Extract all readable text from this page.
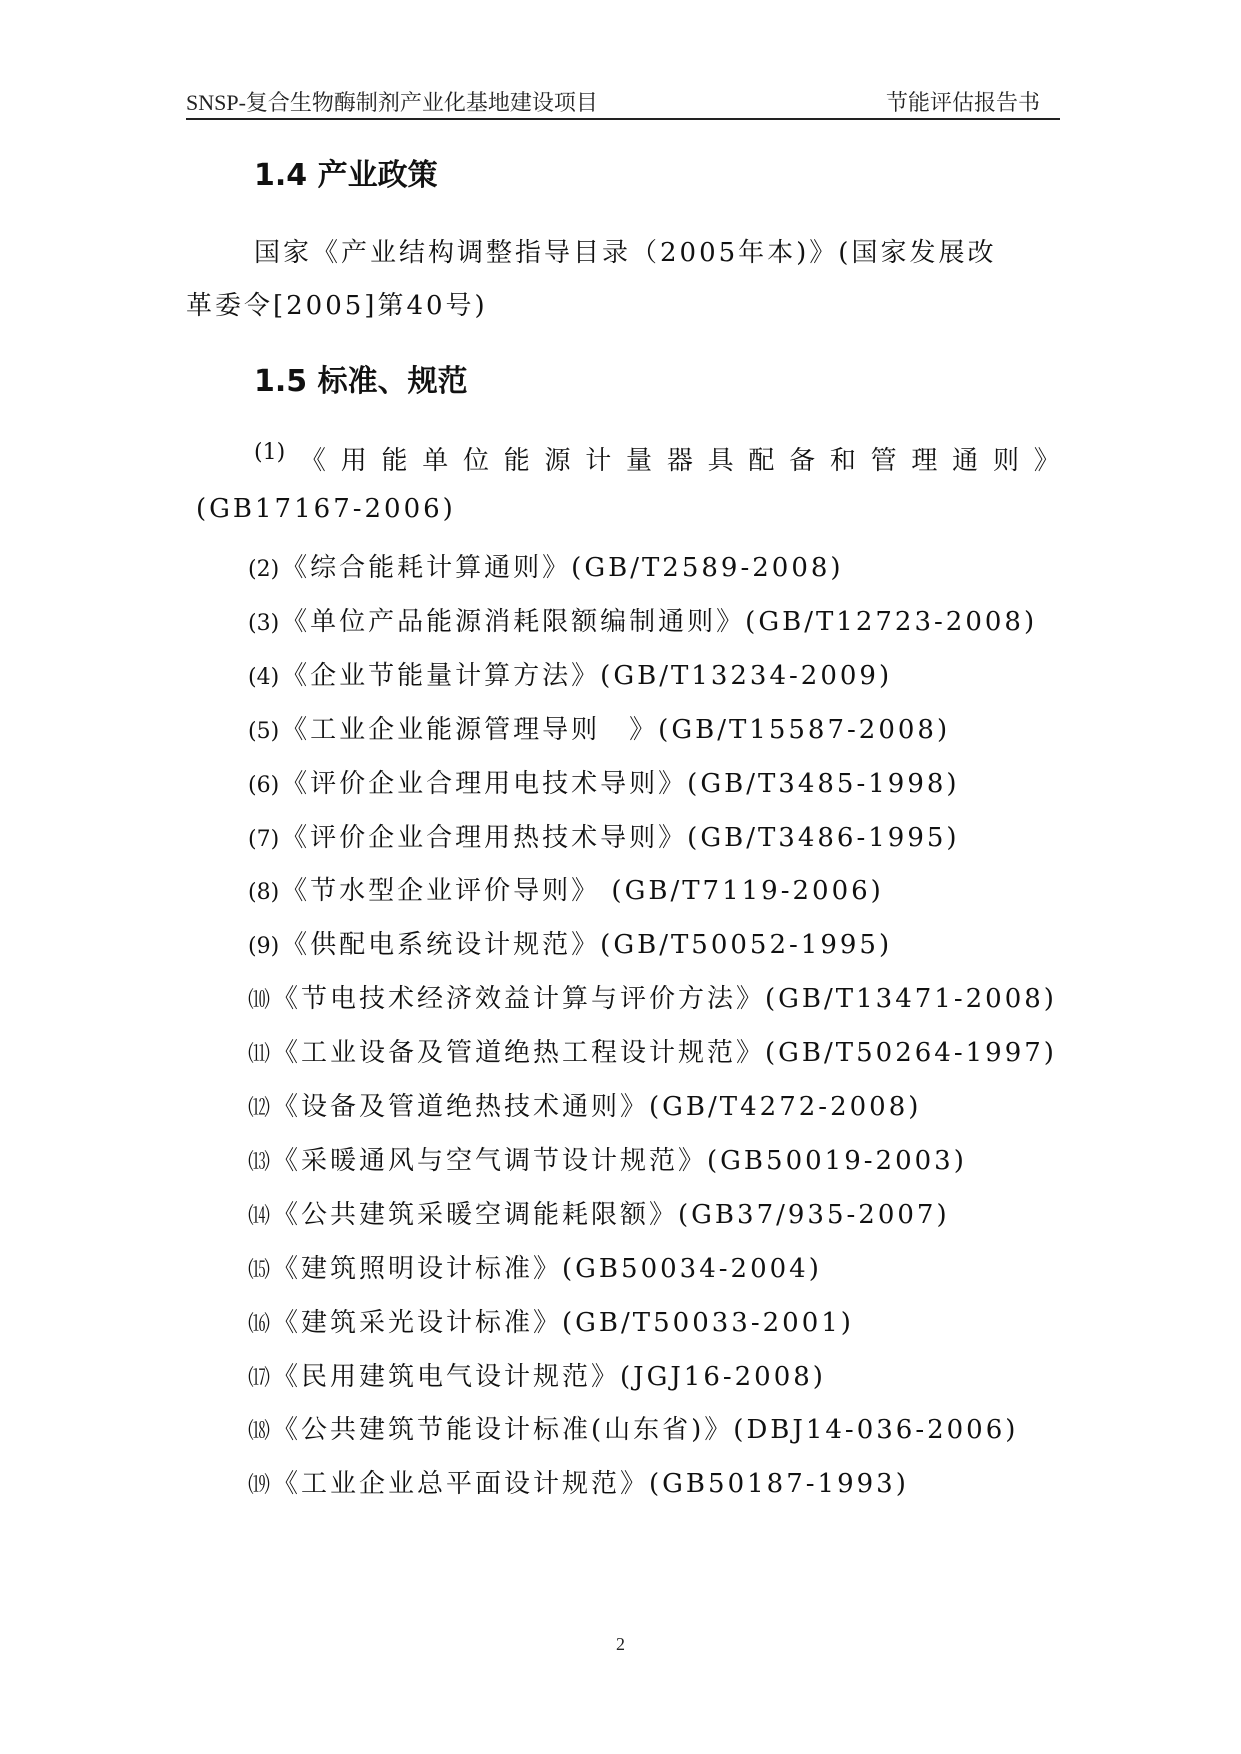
SNSP-复合生物酶制剂产业化基地建设项目	节能评估报告书
1.4 产业政策
国家《产业结构调整指导目录（2005年本)》(国家发展改
革委令[2005]第40号)
1.5 标准、规范
(1) 《 用 能 单 位 能 源 计 量 器 具 配 备 和 管 理 通 则 》
(GB17167-2006)
(2)《综合能耗计算通则》(GB/T2589-2008)
(3)《单位产品能源消耗限额编制通则》(GB/T12723-2008)
(4)《企业节能量计算方法》(GB/T13234-2009)
(5)《工业企业能源管理导则　》(GB/T15587-2008)
(6)《评价企业合理用电技术导则》(GB/T3485-1998)
(7)《评价企业合理用热技术导则》(GB/T3486-1995)
(8)《节水型企业评价导则》 (GB/T7119-2006)
(9)《供配电系统设计规范》(GB/T50052-1995)
⑽《节电技术经济效益计算与评价方法》(GB/T13471-2008)
⑾《工业设备及管道绝热工程设计规范》(GB/T50264-1997)
⑿《设备及管道绝热技术通则》(GB/T4272-2008)
⒀《采暖通风与空气调节设计规范》(GB50019-2003)
⒁《公共建筑采暖空调能耗限额》(GB37/935-2007)
⒂《建筑照明设计标准》(GB50034-2004)
⒃《建筑采光设计标准》(GB/T50033-2001)
⒄《民用建筑电气设计规范》(JGJ16-2008)
⒅《公共建筑节能设计标准(山东省)》(DBJ14-036-2006)
⒆《工业企业总平面设计规范》(GB50187-1993)
2
